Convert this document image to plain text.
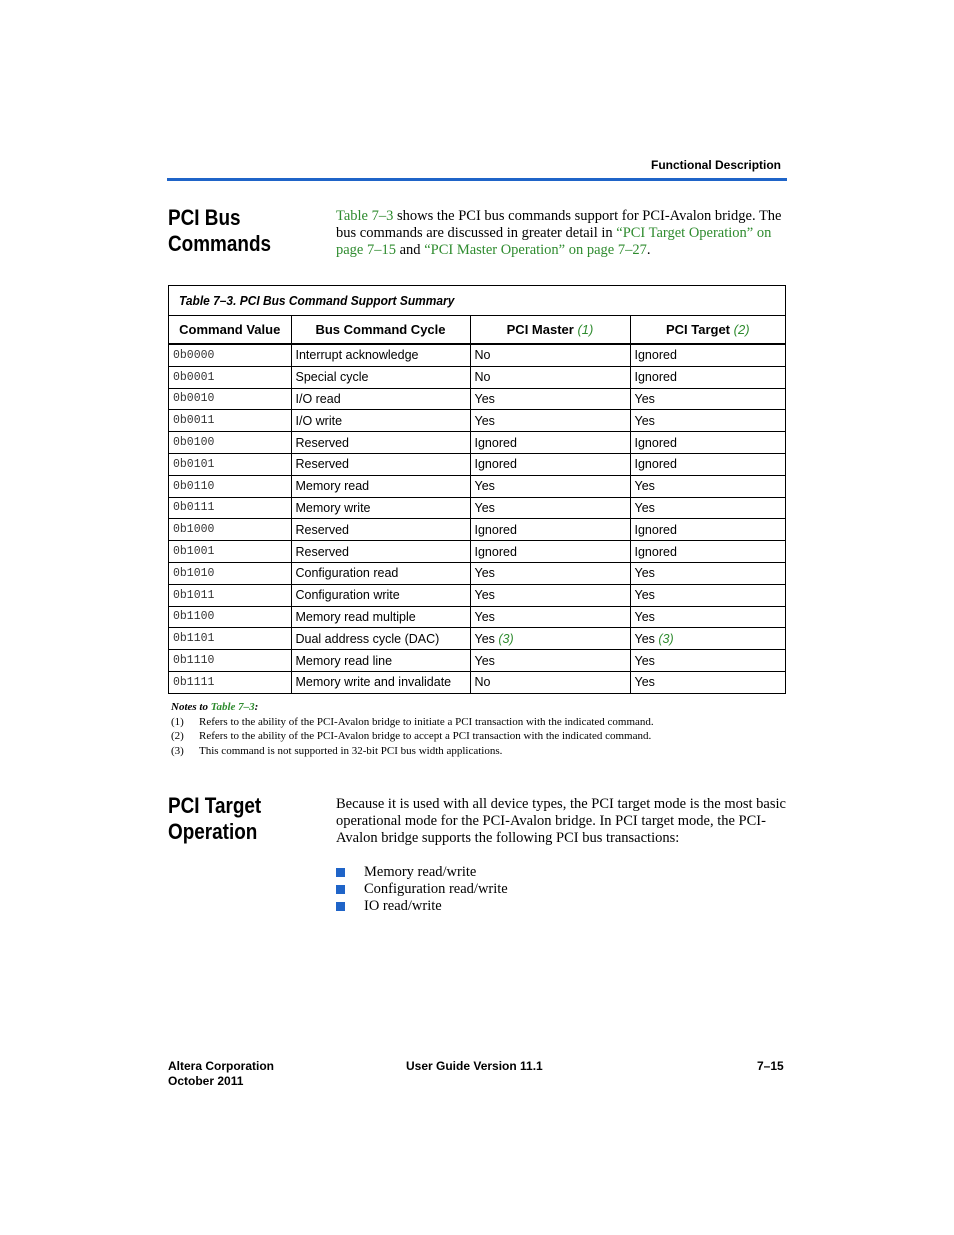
Functional Description
PCI Bus
Commands
Table 7–3 shows the PCI bus commands support for PCI-Avalon bridge. The bus commands are discussed in greater detail in “PCI Target Operation” on page 7–15 and “PCI Master Operation” on page 7–27.
Table 7–3. PCI Bus Command Support Summary
Command Value	Bus Command Cycle	PCI Master (1)	PCI Target (2)
0b0000	Interrupt acknowledge	No	Ignored
0b0001	Special cycle	No	Ignored
0b0010	I/O read	Yes	Yes
0b0011	I/O write	Yes	Yes
0b0100	Reserved	Ignored	Ignored
0b0101	Reserved	Ignored	Ignored
0b0110	Memory read	Yes	Yes
0b0111	Memory write	Yes	Yes
0b1000	Reserved	Ignored	Ignored
0b1001	Reserved	Ignored	Ignored
0b1010	Configuration read	Yes	Yes
0b1011	Configuration write	Yes	Yes
0b1100	Memory read multiple	Yes	Yes
0b1101	Dual address cycle (DAC)	Yes (3)	Yes (3)
0b1110	Memory read line	Yes	Yes
0b1111	Memory write and invalidate	No	Yes
Notes to Table 7–3:
(1) Refers to the ability of the PCI-Avalon bridge to initiate a PCI transaction with the indicated command.
(2) Refers to the ability of the PCI-Avalon bridge to accept a PCI transaction with the indicated command.
(3) This command is not supported in 32-bit PCI bus width applications.
PCI Target
Operation
Because it is used with all device types, the PCI target mode is the most basic operational mode for the PCI-Avalon bridge. In PCI target mode, the PCI-Avalon bridge supports the following PCI bus transactions:
Memory read/write
Configuration read/write
IO read/write
Altera Corporation
October 2011
User Guide Version 11.1	7–15
